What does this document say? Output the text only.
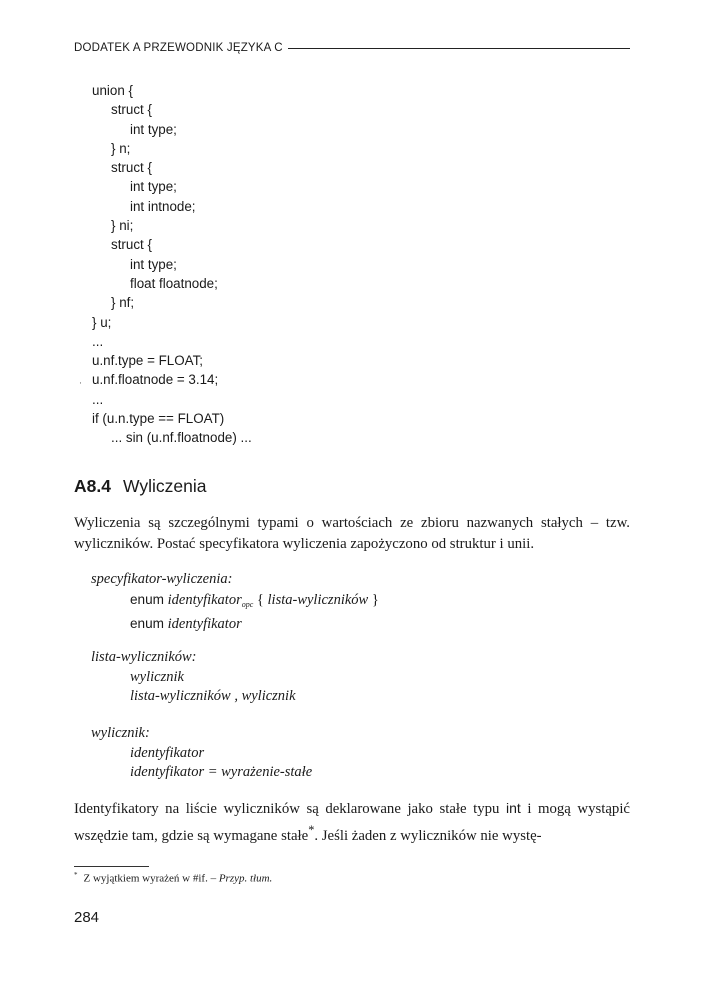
DODATEK A PRZEWODNIK JĘZYKA C
union {
struct {
int type;
} n;
struct {
int type;
int intnode;
} ni;
struct {
int type;
float floatnode;
} nf;
} u;
...
u.nf.type = FLOAT;
u.nf.floatnode = 3.14;
...
if (u.n.type == FLOAT)
... sin (u.nf.floatnode) ...
·
A8.4 Wyliczenia
Wyliczenia są szczególnymi typami o wartościach ze zbioru nazwanych stałych – tzw. wyliczników. Postać specyfikatora wyliczenia zapożyczono od struktur i unii.
specyfikator-wyliczenia:
enum identyfikator$_{opc}$ { lista-wyliczników }
enum identyfikator
lista-wyliczników:
wylicznik
lista-wyliczników , wylicznik
wylicznik:
identyfikator
identyfikator = wyrażenie-stałe
Identyfikatory na liście wyliczników są deklarowane jako stałe typu int i mogą wystąpić wszędzie tam, gdzie są wymagane stałe*. Jeśli żaden z wyliczników nie wystę-
* Z wyjątkiem wyrażeń w #if. – Przyp. tłum.
284
